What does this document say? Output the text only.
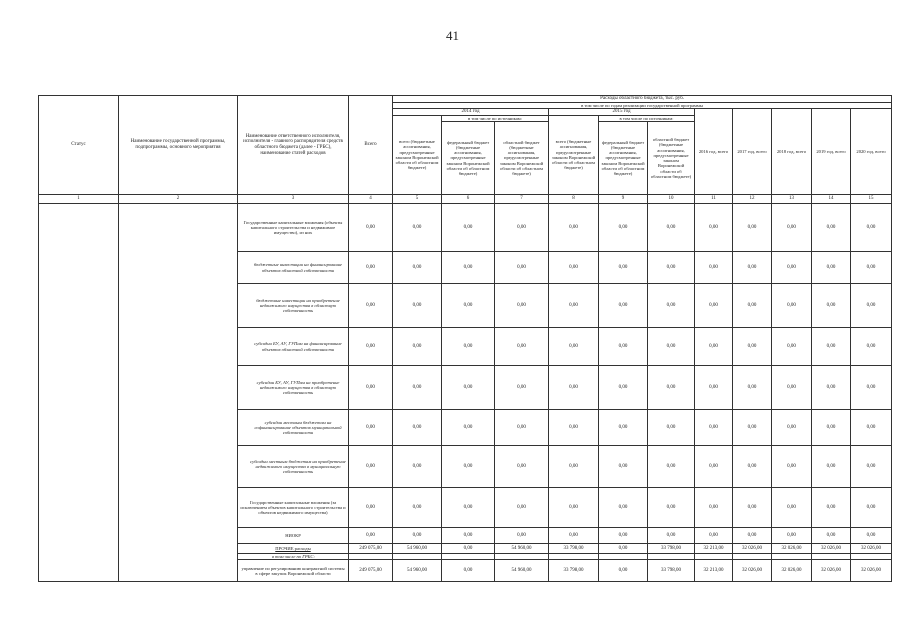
41
Статус	Наименование государственной программы, подпрограммы, основного мероприятия	Наименование ответственного исполнителя, исполнителя - главного распорядителя средств областного бюджета (далее - ГРБС), наименование статей расходов	Всего	Расходы областного бюджета, тыс. руб.										
				в том числе по годам реализации государственной программы										
				2014 год			2015 год			2016 год, всего	2017 год, всего	2018 год, всего	2019 год, всего	2020 год, всего
				всего (бюджетные ассигнования, предусмотренные законом Воронежской области об областном бюджете)	в том числе по источникам:		всего (бюджетные ассигнования, предусмотренные законом Воронежской области об областном бюджете)	в том числе по источникам:						
					федеральный бюджет (бюджетные ассигнования, предусмотренные законом Воронежской области об областном бюджете)	областной бюджет (бюджетные ассигнования, предусмотренные законом Воронежской области об областном бюджете)		федеральный бюджет (бюджетные ассигнования, предусмотренные законом Воронежской области об областном бюджете)	областной бюджет (бюджетные ассигнования, предусмотренные законом Воронежской области об областном бюджете)					
1	2	3	4	5	6	7	8	9	10	11	12	13	14	15
		Государственные капитальные вложения (объекты капитального строительства и недвижимое имущество), из них	0,00	0,00	0,00	0,00	0,00	0,00	0,00	0,00	0,00	0,00	0,00	0,00
		бюджетные инвестиции на финансирование объектов областной собственности	0,00	0,00	0,00	0,00	0,00	0,00	0,00	0,00	0,00	0,00	0,00	0,00
		бюджетные инвестиции на приобретение недвижимого имущества в областную собственность	0,00	0,00	0,00	0,00	0,00	0,00	0,00	0,00	0,00	0,00	0,00	0,00
		субсидии БУ, АУ, ГУПам на финансирование объектов областной собственности	0,00	0,00	0,00	0,00	0,00	0,00	0,00	0,00	0,00	0,00	0,00	0,00
		субсидии БУ, АУ, ГУПам на приобретение недвижимого имущества в областную собственность	0,00	0,00	0,00	0,00	0,00	0,00	0,00	0,00	0,00	0,00	0,00	0,00
		субсидии местным бюджетам на софинансирование объектов муниципальной собственности	0,00	0,00	0,00	0,00	0,00	0,00	0,00	0,00	0,00	0,00	0,00	0,00
		субсидии местным бюджетам на приобретение недвижимого имущества в муниципальную собственность	0,00	0,00	0,00	0,00	0,00	0,00	0,00	0,00	0,00	0,00	0,00	0,00
		Государственные капитальные вложения (за исключением объектов капитального строительства и объектов недвижимого имущества)	0,00	0,00	0,00	0,00	0,00	0,00	0,00	0,00	0,00	0,00	0,00	0,00
		НИОКР	0,00	0,00	0,00	0,00	0,00	0,00	0,00	0,00	0,00	0,00	0,00	0,00
		ПРОЧИЕ расходы	249 075,00	54 960,00	0,00	54 960,00	33 798,00	0,00	33 798,00	32 213,00	32 026,00	32 026,00	32 026,00	32 026,00
		в том числе по ГРБС:												
		управление по регулированию контрактной системы в сфере закупок Воронежской области	249 075,00	54 960,00	0,00	54 960,00	33 798,00	0,00	33 798,00	32 213,00	32 026,00	32 026,00	32 026,00	32 026,00
